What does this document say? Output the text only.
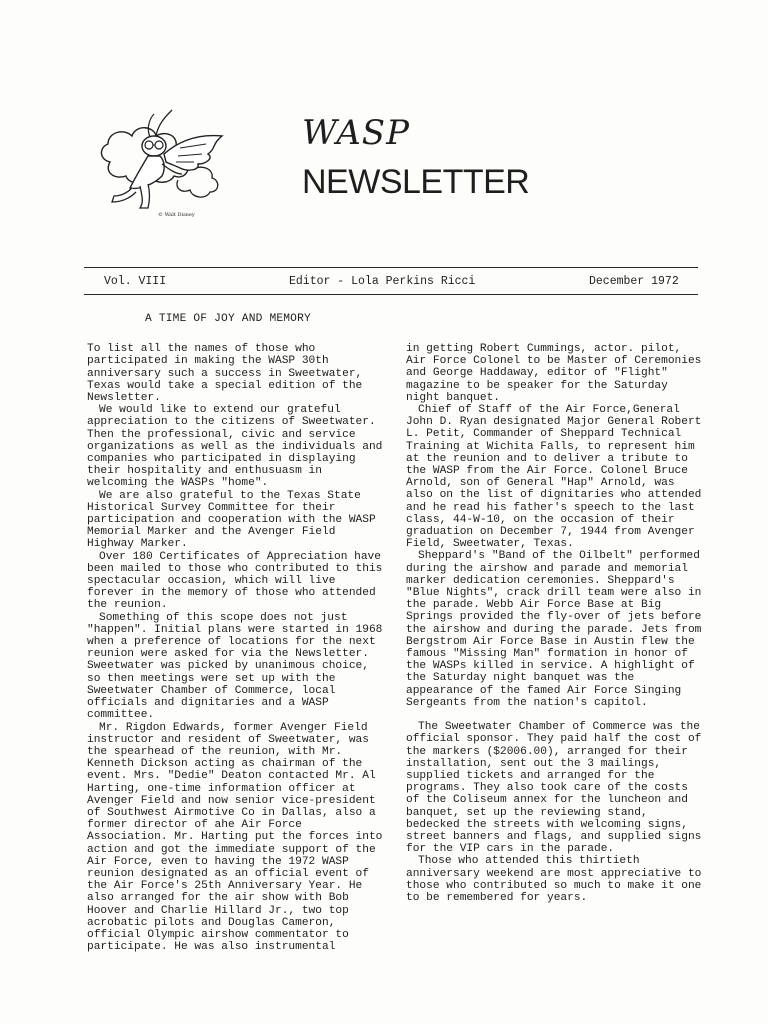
© Walt Disney
WASP
NEWSLETTER
Vol. VIII	Editor - Lola Perkins Ricci	December 1972
A TIME OF JOY AND MEMORY

To list all the names of those who participated in making the WASP 30th anniversary such a success in Sweetwater, Texas would take a special edition of the Newsletter.

We would like to extend our grateful appreciation to the citizens of Sweetwater. Then the professional, civic and service organizations as well as the individuals and companies who participated in displaying their hospitality and enthusuasm in welcoming the WASPs "home".

We are also grateful to the Texas State Historical Survey Committee for their participation and cooperation with the WASP Memorial Marker and the Avenger Field Highway Marker.

Over 180 Certificates of Appreciation have been mailed to those who contributed to this spectacular occasion, which will live forever in the memory of those who attended the reunion.

Something of this scope does not just "happen". Initial plans were started in 1968 when a preference of locations for the next reunion were asked for via the Newsletter. Sweetwater was picked by unanimous choice, so then meetings were set up with the Sweetwater Chamber of Commerce, local officials and dignitaries and a WASP committee.

Mr. Rigdon Edwards, former Avenger Field instructor and resident of Sweetwater, was the spearhead of the reunion, with Mr. Kenneth Dickson acting as chairman of the event. Mrs. "Dedie" Deaton contacted Mr. Al Harting, one-time information officer at Avenger Field and now senior vice-president of Southwest Airmotive Co in Dallas, also a former director of ahe Air Force Association. Mr. Harting put the forces into action and got the immediate support of the Air Force, even to having the 1972 WASP reunion designated as an official event of the Air Force's 25th Anniversary Year. He also arranged for the air show with Bob Hoover and Charlie Hillard Jr., two top acrobatic pilots and Douglas Cameron, official Olympic airshow commentator to participate. He was also instrumental

in getting Robert Cummings, actor. pilot, Air Force Colonel to be Master of Ceremonies and George Haddaway, editor of "Flight" magazine to be speaker for the Saturday night banquet.

Chief of Staff of the Air Force,General John D. Ryan designated Major General Robert L. Petit, Commander of Sheppard Technical Training at Wichita Falls, to represent him at the reunion and to deliver a tribute to the WASP from the Air Force. Colonel Bruce Arnold, son of General "Hap" Arnold, was also on the list of dignitaries who attended and he read his father's speech to the last class, 44-W-10, on the occasion of their graduation on December 7, 1944 from Avenger Field, Sweetwater, Texas.

Sheppard's "Band of the Oilbelt" performed during the airshow and parade and memorial marker dedication ceremonies. Sheppard's "Blue Nights", crack drill team were also in the parade. Webb Air Force Base at Big Springs provided the fly-over of jets before the airshow and during the parade. Jets from Bergstrom Air Force Base in Austin flew the famous "Missing Man" formation in honor of the WASPs killed in service. A highlight of the Saturday night banquet was the appearance of the famed Air Force Singing Sergeants from the nation's capitol.

The Sweetwater Chamber of Commerce was the official sponsor. They paid half the cost of the markers ($2006.00), arranged for their installation, sent out the 3 mailings, supplied tickets and arranged for the programs. They also took care of the costs of the Coliseum annex for the luncheon and banquet, set up the reviewing stand, bedecked the streets with welcoming signs, street banners and flags, and supplied signs for the VIP cars in the parade.

Those who attended this thirtieth anniversary weekend are most appreciative to those who contributed so much to make it one to be remembered for years.
